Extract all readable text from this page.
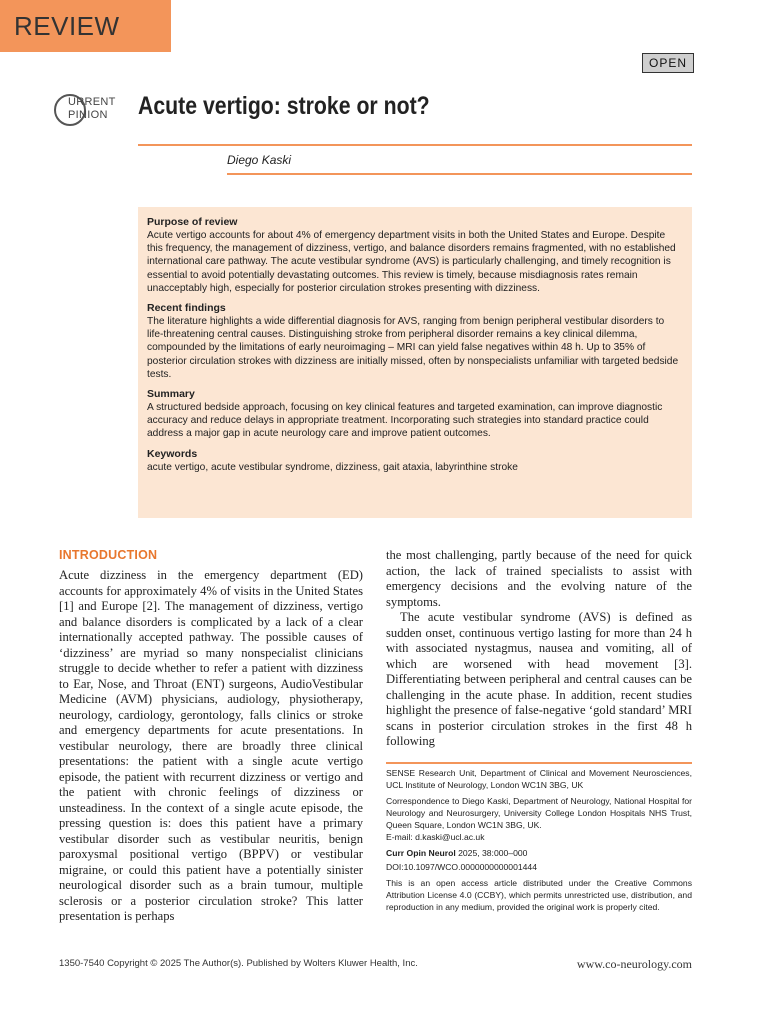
REVIEW
OPEN
URRENT
PINION Acute vertigo: stroke or not?
Diego Kaski
Purpose of review

Acute vertigo accounts for about 4% of emergency department visits in both the United States and Europe. Despite this frequency, the management of dizziness, vertigo, and balance disorders remains fragmented, with no established international care pathway. The acute vestibular syndrome (AVS) is particularly challenging, and timely recognition is essential to avoid potentially devastating outcomes. This review is timely, because misdiagnosis rates remain unacceptably high, especially for posterior circulation strokes presenting with dizziness.

Recent findings

The literature highlights a wide differential diagnosis for AVS, ranging from benign peripheral vestibular disorders to life-threatening central causes. Distinguishing stroke from peripheral disorder remains a key clinical dilemma, compounded by the limitations of early neuroimaging – MRI can yield false negatives within 48 h. Up to 35% of posterior circulation strokes with dizziness are initially missed, often by nonspecialists unfamiliar with targeted bedside tests.

Summary

A structured bedside approach, focusing on key clinical features and targeted examination, can improve diagnostic accuracy and reduce delays in appropriate treatment. Incorporating such strategies into standard practice could address a major gap in acute neurology care and improve patient outcomes.

Keywords

acute vertigo, acute vestibular syndrome, dizziness, gait ataxia, labyrinthine stroke

INTRODUCTION

Acute dizziness in the emergency department (ED) accounts for approximately 4% of visits in the United States [1] and Europe [2]. The management of dizziness, vertigo and balance disorders is complicated by a lack of a clear internationally accepted pathway. The possible causes of ‘dizziness’ are myriad so many nonspecialist clinicians struggle to decide whether to refer a patient with dizziness to Ear, Nose, and Throat (ENT) surgeons, AudioVestibular Medicine (AVM) physicians, audiology, physiotherapy, neurology, cardiology, gerontology, falls clinics or stroke and emergency departments for acute presentations. In vestibular neurology, there are broadly three clinical presentations: the patient with a single acute vertigo episode, the patient with recurrent dizziness or vertigo and the patient with chronic feelings of dizziness or unsteadiness. In the context of a single acute episode, the pressing question is: does this patient have a primary vestibular disorder such as vestibular neuritis, benign paroxysmal positional vertigo (BPPV) or vestibular migraine, or could this patient have a potentially sinister neurological disorder such as a brain tumour, multiple sclerosis or a posterior circulation stroke? This latter presentation is perhaps

the most challenging, partly because of the need for quick action, the lack of trained specialists to assist with emergency decisions and the evolving nature of the symptoms.

The acute vestibular syndrome (AVS) is defined as sudden onset, continuous vertigo lasting for more than 24 h with associated nystagmus, nausea and vomiting, all of which are worsened with head movement [3]. Differentiating between peripheral and central causes can be challenging in the acute phase. In addition, recent studies highlight the presence of false-negative ‘gold standard’ MRI scans in posterior circulation strokes in the first 48 h following

SENSE Research Unit, Department of Clinical and Movement Neurosciences, UCL Institute of Neurology, London WC1N 3BG, UK

Correspondence to Diego Kaski, Department of Neurology, National Hospital for Neurology and Neurosurgery, University College London Hospitals NHS Trust, Queen Square, London WC1N 3BG, UK.

E-mail: d.kaski@ucl.ac.uk

Curr Opin Neurol 2025, 38:000–000

DOI:10.1097/WCO.0000000000001444

This is an open access article distributed under the Creative Commons Attribution License 4.0 (CCBY), which permits unrestricted use, distribution, and reproduction in any medium, provided the original work is properly cited.

1350-7540 Copyright © 2025 The Author(s). Published by Wolters Kluwer Health, Inc.	www.co-neurology.com
